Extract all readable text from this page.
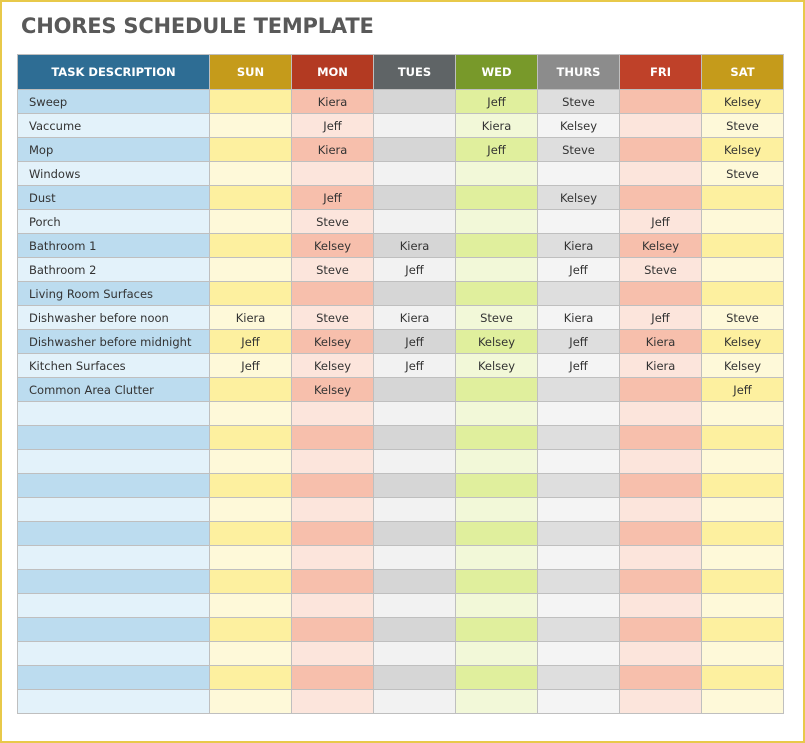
CHORES SCHEDULE TEMPLATE
TASK DESCRIPTION	SUN	MON	TUES	WED	THURS	FRI	SAT
Sweep		Kiera		Jeff	Steve		Kelsey
Vaccume		Jeff		Kiera	Kelsey		Steve
Mop		Kiera		Jeff	Steve		Kelsey
Windows							Steve
Dust		Jeff			Kelsey		
Porch		Steve				Jeff	
Bathroom 1		Kelsey	Kiera		Kiera	Kelsey	
Bathroom 2		Steve	Jeff		Jeff	Steve	
Living Room Surfaces							
Dishwasher before noon	Kiera	Steve	Kiera	Steve	Kiera	Jeff	Steve
Dishwasher before midnight	Jeff	Kelsey	Jeff	Kelsey	Jeff	Kiera	Kelsey
Kitchen Surfaces	Jeff	Kelsey	Jeff	Kelsey	Jeff	Kiera	Kelsey
Common Area Clutter		Kelsey					Jeff
